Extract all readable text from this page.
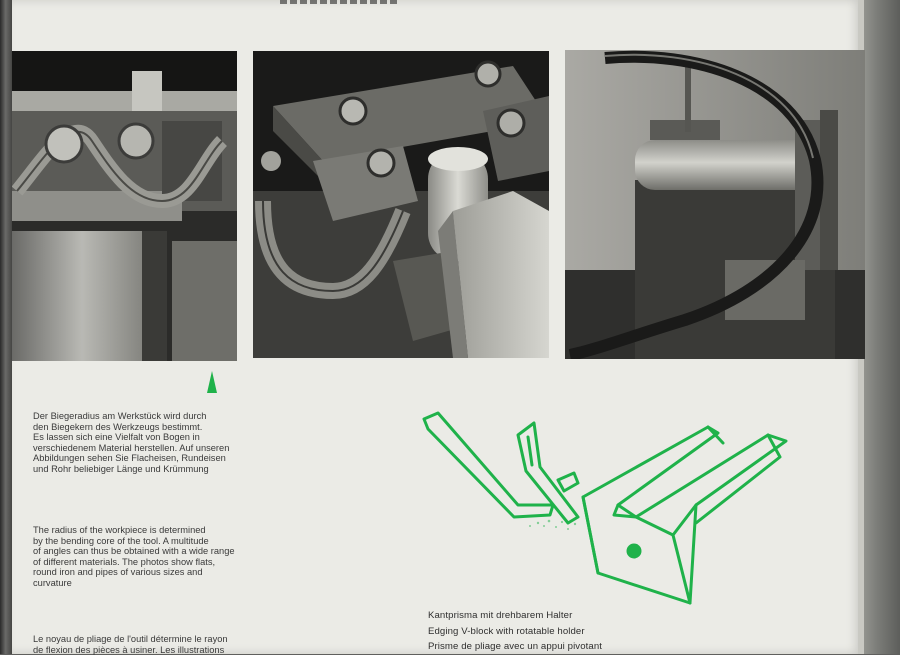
Der Biegeradius am Werkstück wird durch
den Biegekern des Werkzeugs bestimmt.
Es lassen sich eine Vielfalt von Bogen in
verschiedenem Material herstellen. Auf unseren
Abbildungen sehen Sie Flacheisen, Rundeisen
und Rohr beliebiger Länge und Krümmung
The radius of the workpiece is determined
by the bending core of the tool. A multitude
of angles can thus be obtained with a wide range
of different materials. The photos show flats,
round iron and pipes of various sizes and
curvature
Le noyau de pliage de l'outil détermine le rayon
de flexion des pièces à usiner. Les illustrations
Kantprisma mit drehbarem Halter
Edging V-block with rotatable holder
Prisme de pliage avec un appui pivotant
